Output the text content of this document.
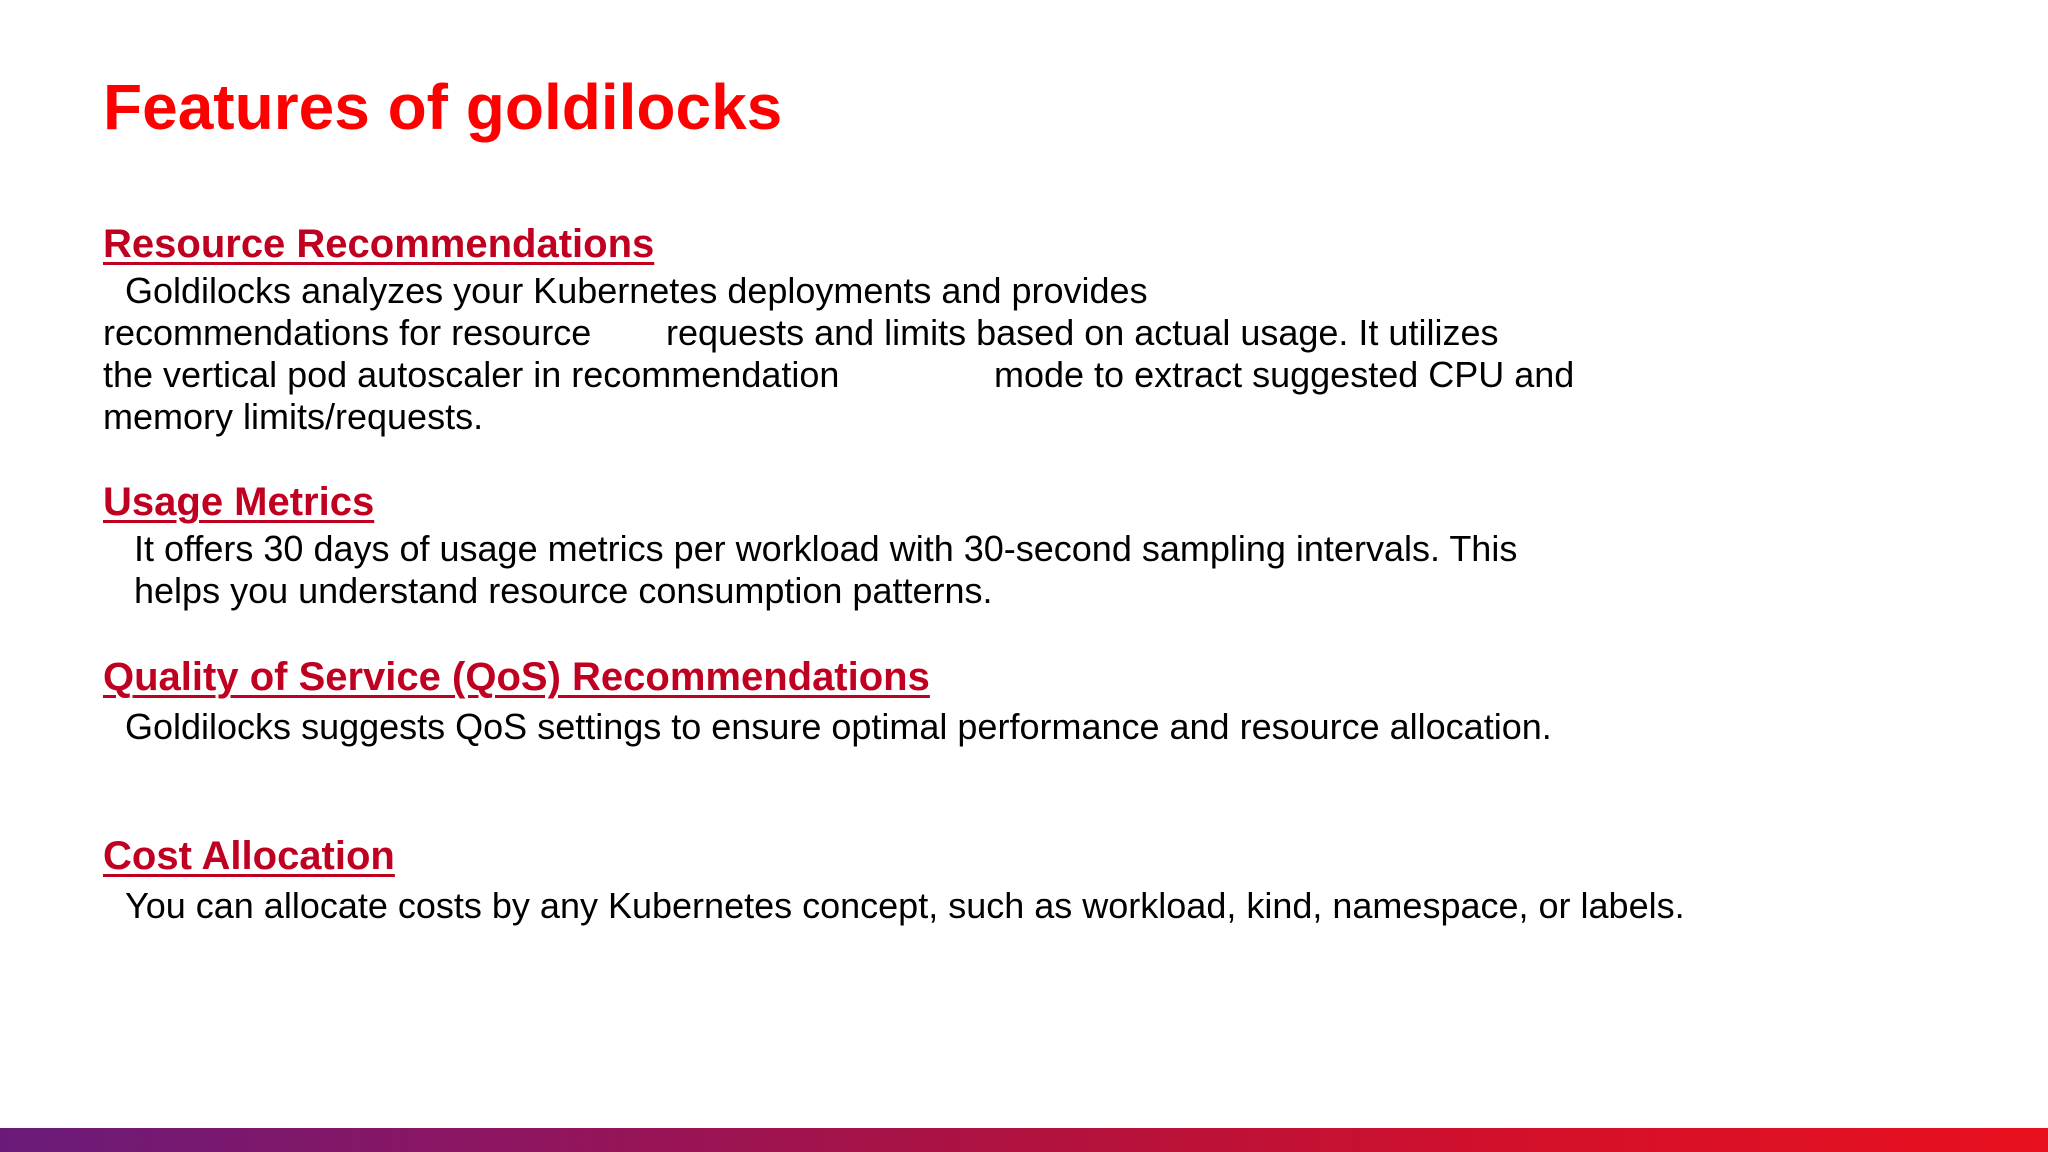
Features of goldilocks
Resource Recommendations

Goldilocks analyzes your Kubernetes deployments and provides

recommendations for resource requests and limits based on actual usage. It utilizes

the vertical pod autoscaler in recommendation	mode to extract suggested CPU and

memory limits/requests.

Usage Metrics

It offers 30 days of usage metrics per workload with 30-second sampling intervals. This

helps you understand resource consumption patterns.

Quality of Service (QoS) Recommendations

Goldilocks suggests QoS settings to ensure optimal performance and resource allocation.

Cost Allocation

You can allocate costs by any Kubernetes concept, such as workload, kind, namespace, or labels.
